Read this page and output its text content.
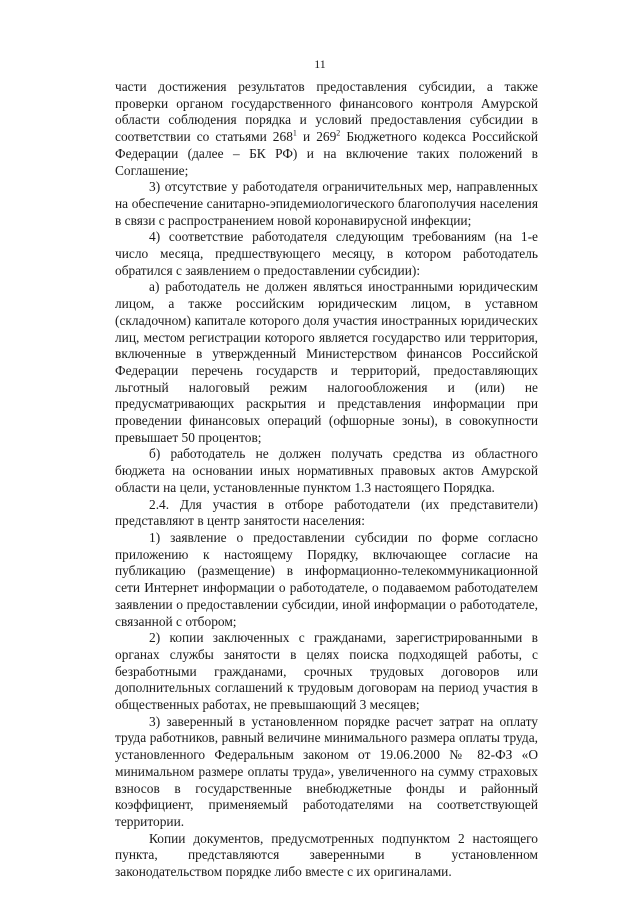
11

части достижения результатов предоставления субсидии, а также проверки органом государственного финансового контроля Амурской области соблюдения порядка и условий предоставления субсидии в соответствии со статьями $268^1$ и $269^2$ Бюджетного кодекса Российской Федерации (далее – БК РФ) и на включение таких положений в Соглашение;

3) отсутствие у работодателя ограничительных мер, направленных на обеспечение санитарно-эпидемиологического благополучия населения в связи с распространением новой коронавирусной инфекции;

4) соответствие работодателя следующим требованиям (на 1-е число месяца, предшествующего месяцу, в котором работодатель обратился с заявлением о предоставлении субсидии):

а) работодатель не должен являться иностранными юридическим лицом, а также российским юридическим лицом, в уставном (складочном) капитале которого доля участия иностранных юридических лиц, местом регистрации которого является государство или территория, включенные в утвержденный Министерством финансов Российской Федерации перечень государств и территорий, предоставляющих льготный налоговый режим налогообложения и (или) не предусматривающих раскрытия и представления информации при проведении финансовых операций (офшорные зоны), в совокупности превышает 50 процентов;

б) работодатель не должен получать средства из областного бюджета на основании иных нормативных правовых актов Амурской области на цели, установленные пунктом 1.3 настоящего Порядка.

2.4. Для участия в отборе работодатели (их представители) представляют в центр занятости населения:

1) заявление о предоставлении субсидии по форме согласно приложению к настоящему Порядку, включающее согласие на публикацию (размещение) в информационно-телекоммуникационной сети Интернет информации о работодателе, о подаваемом работодателем заявлении о предоставлении субсидии, иной информации о работодателе, связанной с отбором;

2) копии заключенных с гражданами, зарегистрированными в органах службы занятости в целях поиска подходящей работы, с безработными гражданами, срочных трудовых договоров или дополнительных соглашений к трудовым договорам на период участия в общественных работах, не превышающий 3 месяцев;

3) заверенный в установленном порядке расчет затрат на оплату труда работников, равный величине минимального размера оплаты труда, установленного Федеральным законом от 19.06.2000 № 82-ФЗ «О минимальном размере оплаты труда», увеличенного на сумму страховых взносов в государственные внебюджетные фонды и районный коэффициент, применяемый работодателями на соответствующей территории.

Копии документов, предусмотренных подпунктом 2 настоящего пункта, представляются заверенными в установленном законодательством порядке либо вместе с их оригиналами.
